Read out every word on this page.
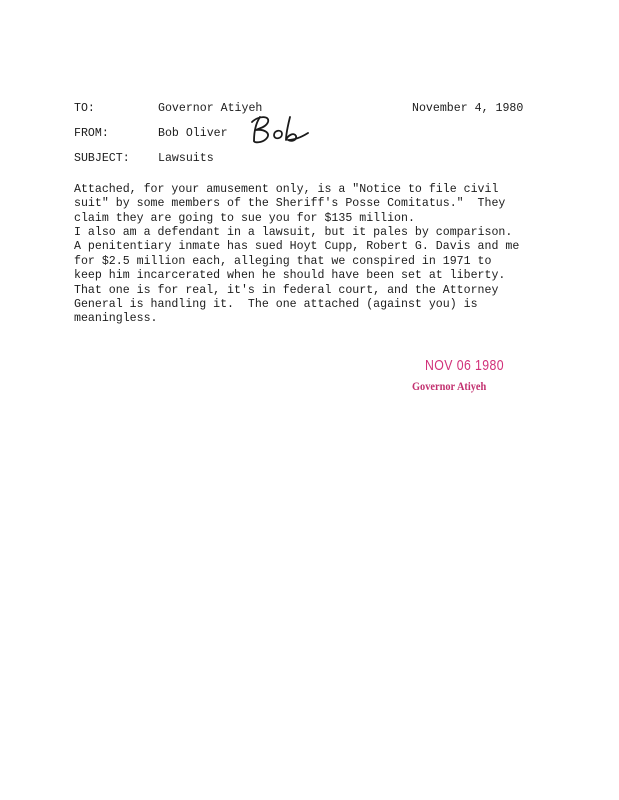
TO:	Governor Atiyeh	November 4, 1980
FROM:	Bob Oliver
SUBJECT: Lawsuits
Attached, for your amusement only, is a "Notice to file civil
suit" by some members of the Sheriff's Posse Comitatus."  They
claim they are going to sue you for $135 million.
I also am a defendant in a lawsuit, but it pales by comparison.
A penitentiary inmate has sued Hoyt Cupp, Robert G. Davis and me
for $2.5 million each, alleging that we conspired in 1971 to
keep him incarcerated when he should have been set at liberty.
That one is for real, it's in federal court, and the Attorney
General is handling it.  The one attached (against you) is
meaningless.
NOV 06 1980
Governor Atiyeh
